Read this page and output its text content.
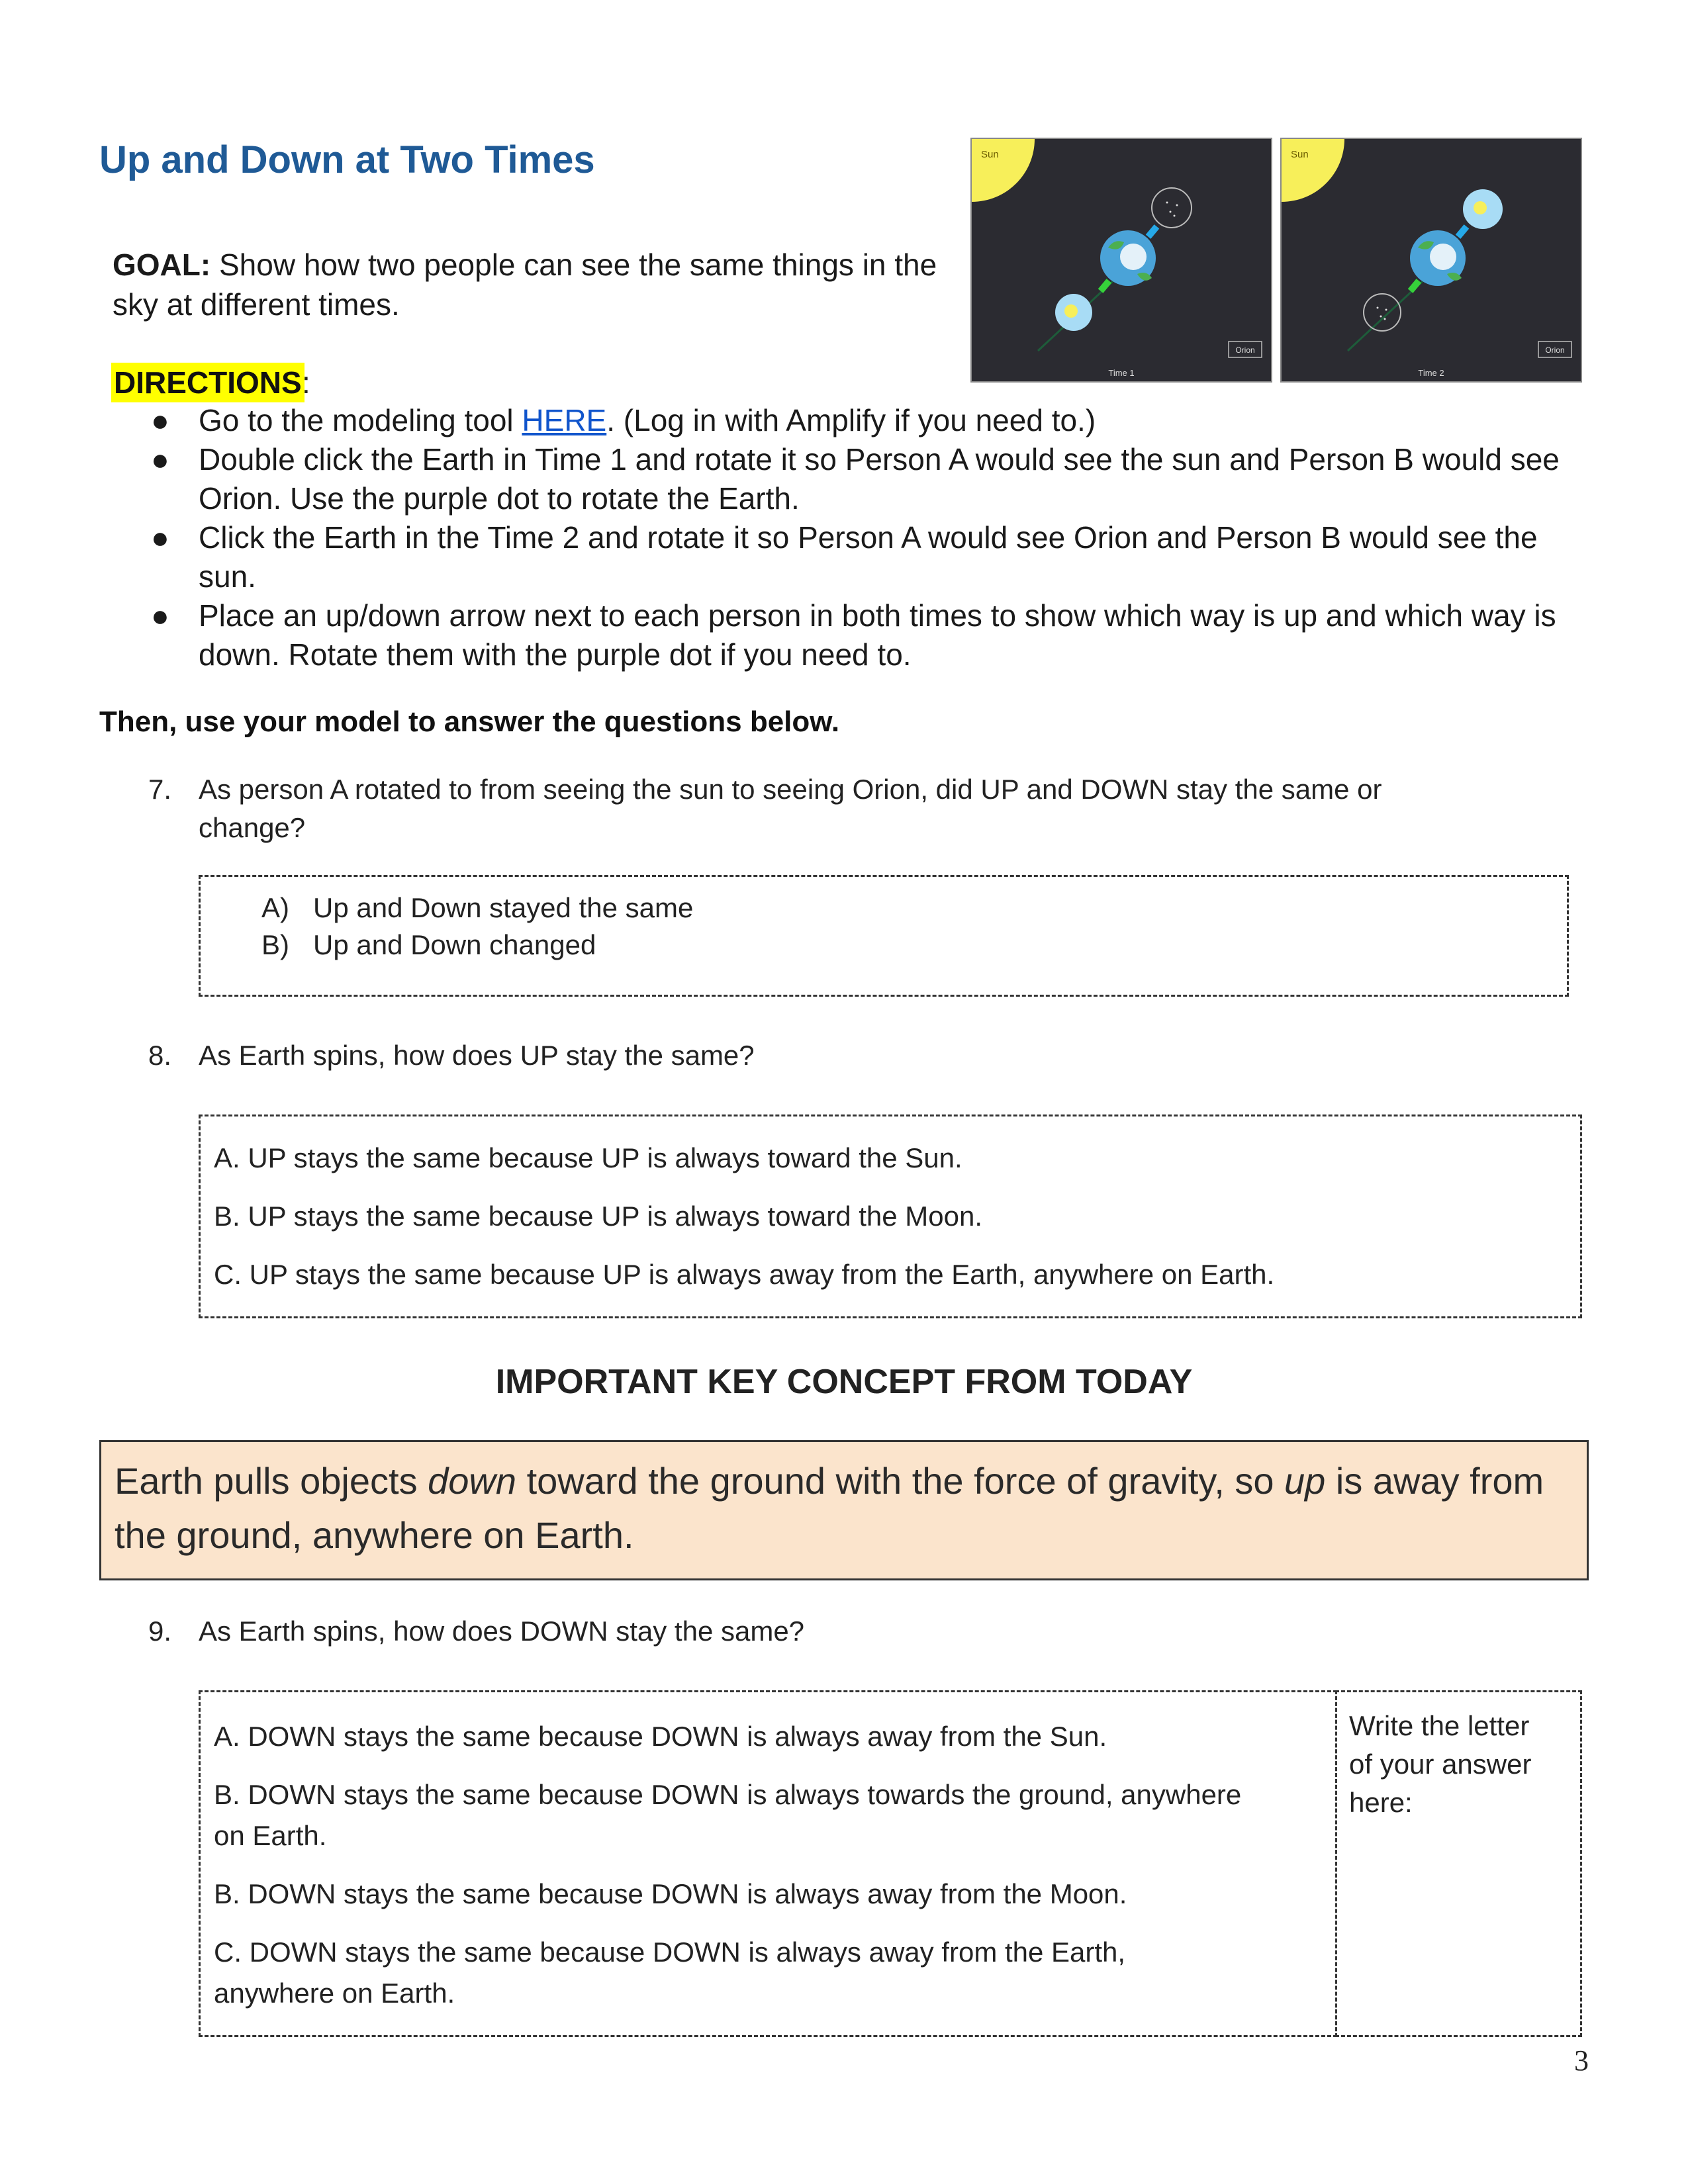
Up and Down at Two Times	Sun
Orion
Time 1
Sun
Orion
Time 2
GOAL: Show how two people can see the same things in the sky at different times.
DIRECTIONS :
● Go to the modeling tool HERE. (Log in with Amplify if you need to.)
● Double click the Earth in Time 1 and rotate it so Person A would see the sun and Person B would see Orion. Use the purple dot to rotate the Earth.
● Click the Earth in the Time 2 and rotate it so Person A would see Orion and Person B would see the sun.
● Place an up/down arrow next to each person in both times to show which way is up and which way is down. Rotate them with the purple dot if you need to.
Then, use your model to answer the questions below.
7. As person A rotated to from seeing the sun to seeing Orion, did UP and DOWN stay the same or
change?
A) Up and Down stayed the same
B) Up and Down changed
8. As Earth spins, how does UP stay the same?
A. UP stays the same because UP is always toward the Sun.
B. UP stays the same because UP is always toward the Moon.
C. UP stays the same because UP is always away from the Earth, anywhere on Earth.
IMPORTANT KEY CONCEPT FROM TODAY
Earth pulls objects down toward the ground with the force of gravity, so up is away from the ground, anywhere on Earth.
9. As Earth spins, how does DOWN stay the same?
A. DOWN stays the same because DOWN is always away from the Sun.
B. DOWN stays the same because DOWN is always towards the ground, anywhere
on Earth.
B. DOWN stays the same because DOWN is always away from the Moon.
C. DOWN stays the same because DOWN is always away from the Earth,
anywhere on Earth.
Write the letter
of your answer
here:
3
